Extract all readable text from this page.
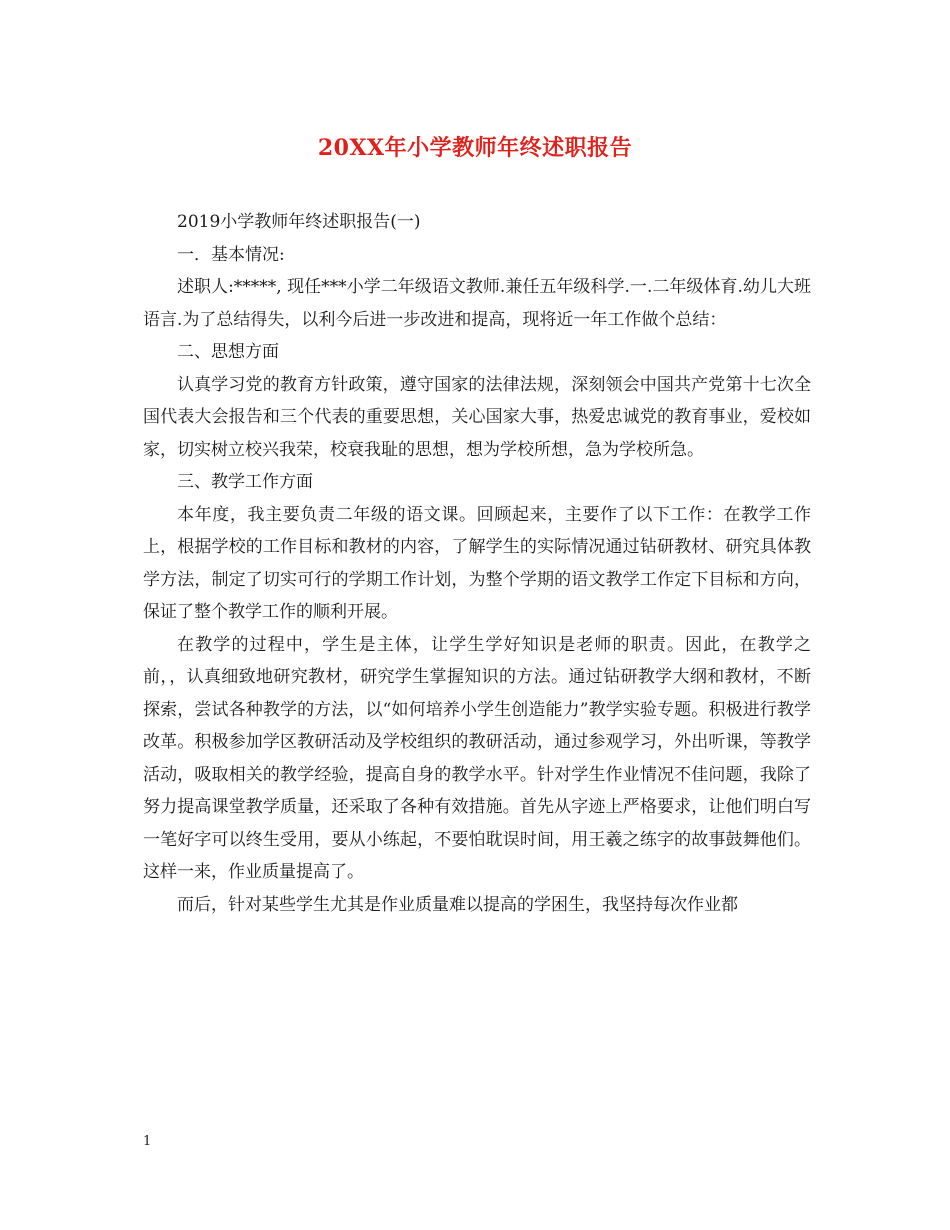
20XX年小学教师年终述职报告

2019小学教师年终述职报告(一)

一．基本情况:

述职人:*****, 现任***小学二年级语文教师.兼任五年级科学.一.二年级体育.幼儿大班语言.为了总结得失，以利今后进一步改进和提高，现将近一年工作做个总结：

二、思想方面

认真学习党的教育方针政策，遵守国家的法律法规，深刻领会中国共产党第十七次全国代表大会报告和三个代表的重要思想，关心国家大事，热爱忠诚党的教育事业，爱校如家，切实树立校兴我荣，校衰我耻的思想，想为学校所想，急为学校所急。

三、教学工作方面

本年度，我主要负责二年级的语文课。回顾起来，主要作了以下工作：在教学工作上，根据学校的工作目标和教材的内容，了解学生的实际情况通过钻研教材、研究具体教学方法，制定了切实可行的学期工作计划，为整个学期的语文教学工作定下目标和方向，保证了整个教学工作的顺利开展。

在教学的过程中，学生是主体，让学生学好知识是老师的职责。因此，在教学之前，，认真细致地研究教材，研究学生掌握知识的方法。通过钻研教学大纲和教材，不断探索，尝试各种教学的方法，以“如何培养小学生创造能力”教学实验专题。积极进行教学改革。积极参加学区教研活动及学校组织的教研活动，通过参观学习，外出听课，等教学活动，吸取相关的教学经验，提高自身的教学水平。针对学生作业情况不佳问题，我除了努力提高课堂教学质量，还采取了各种有效措施。首先从字迹上严格要求，让他们明白写一笔好字可以终生受用，要从小练起，不要怕耽误时间，用王羲之练字的故事鼓舞他们。这样一来，作业质量提高了。

而后，针对某些学生尤其是作业质量难以提高的学困生，我坚持每次作业都

1
